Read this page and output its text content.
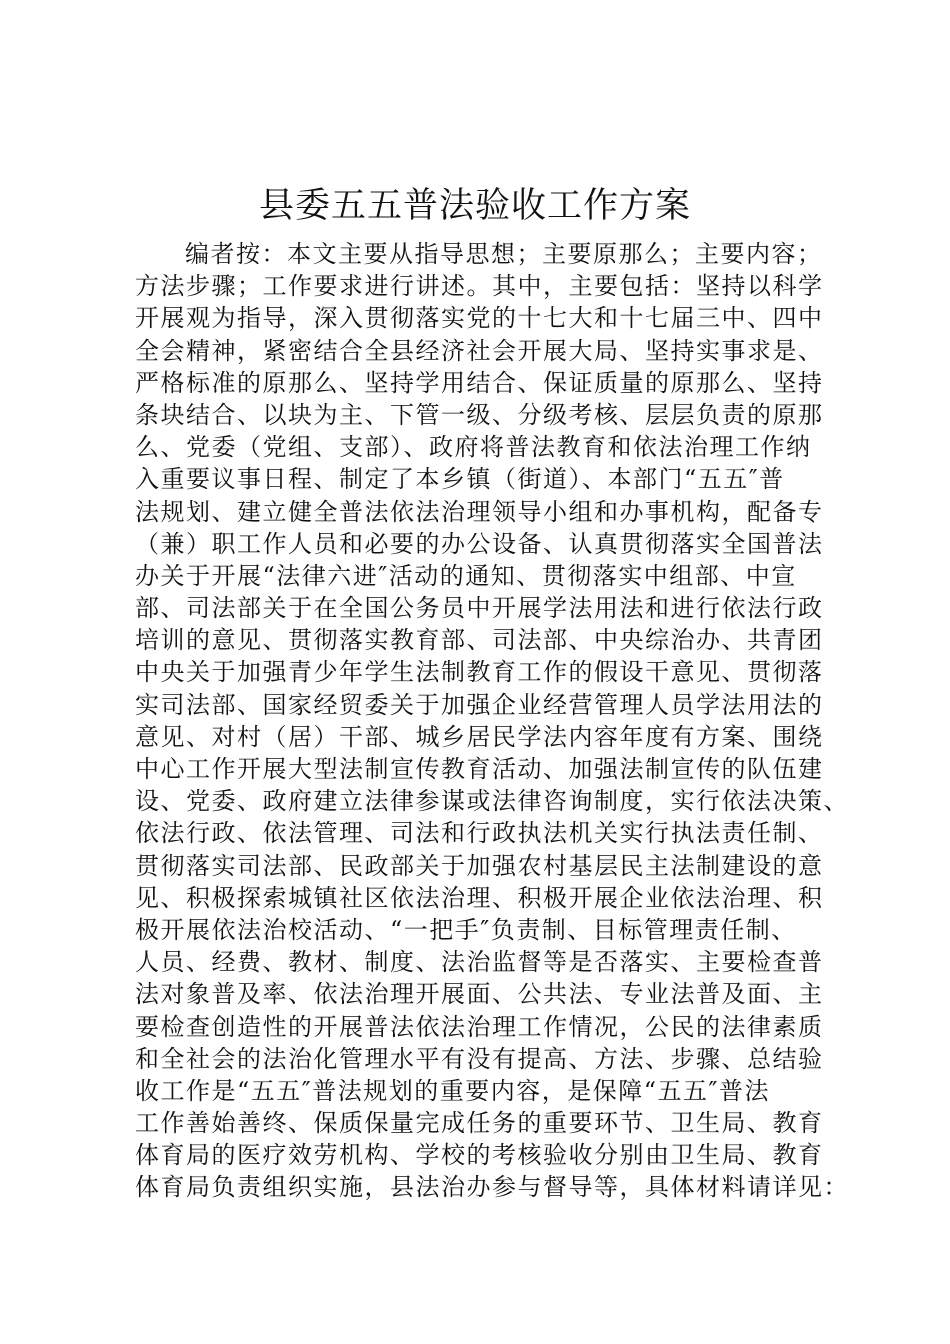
县委五五普法验收工作方案
编者按：本文主要从指导思想；主要原那么；主要内容；
方法步骤；工作要求进行讲述。其中，主要包括：坚持以科学
开展观为指导，深入贯彻落实党的十七大和十七届三中、四中
全会精神，紧密结合全县经济社会开展大局、坚持实事求是、
严格标准的原那么、坚持学用结合、保证质量的原那么、坚持
条块结合、以块为主、下管一级、分级考核、层层负责的原那
么、党委（党组、支部）、政府将普法教育和依法治理工作纳
入重要议事日程、制定了本乡镇（街道）、本部门“五五″普
法规划、建立健全普法依法治理领导小组和办事机构，配备专
（兼）职工作人员和必要的办公设备、认真贯彻落实全国普法
办关于开展“法律六进″活动的通知、贯彻落实中组部、中宣
部、司法部关于在全国公务员中开展学法用法和进行依法行政
培训的意见、贯彻落实教育部、司法部、中央综治办、共青团
中央关于加强青少年学生法制教育工作的假设干意见、贯彻落
实司法部、国家经贸委关于加强企业经营管理人员学法用法的
意见、对村（居）干部、城乡居民学法内容年度有方案、围绕
中心工作开展大型法制宣传教育活动、加强法制宣传的队伍建
设、党委、政府建立法律参谋或法律咨询制度，实行依法决策、
依法行政、依法管理、司法和行政执法机关实行执法责任制、
贯彻落实司法部、民政部关于加强农村基层民主法制建设的意
见、积极探索城镇社区依法治理、积极开展企业依法治理、积
极开展依法治校活动、“一把手″负责制、目标管理责任制、
人员、经费、教材、制度、法治监督等是否落实、主要检查普
法对象普及率、依法治理开展面、公共法、专业法普及面、主
要检查创造性的开展普法依法治理工作情况，公民的法律素质
和全社会的法治化管理水平有没有提高、方法、步骤、总结验
收工作是“五五″普法规划的重要内容，是保障“五五″普法
工作善始善终、保质保量完成任务的重要环节、卫生局、教育
体育局的医疗效劳机构、学校的考核验收分别由卫生局、教育
体育局负责组织实施，县法治办参与督导等，具体材料请详见：
